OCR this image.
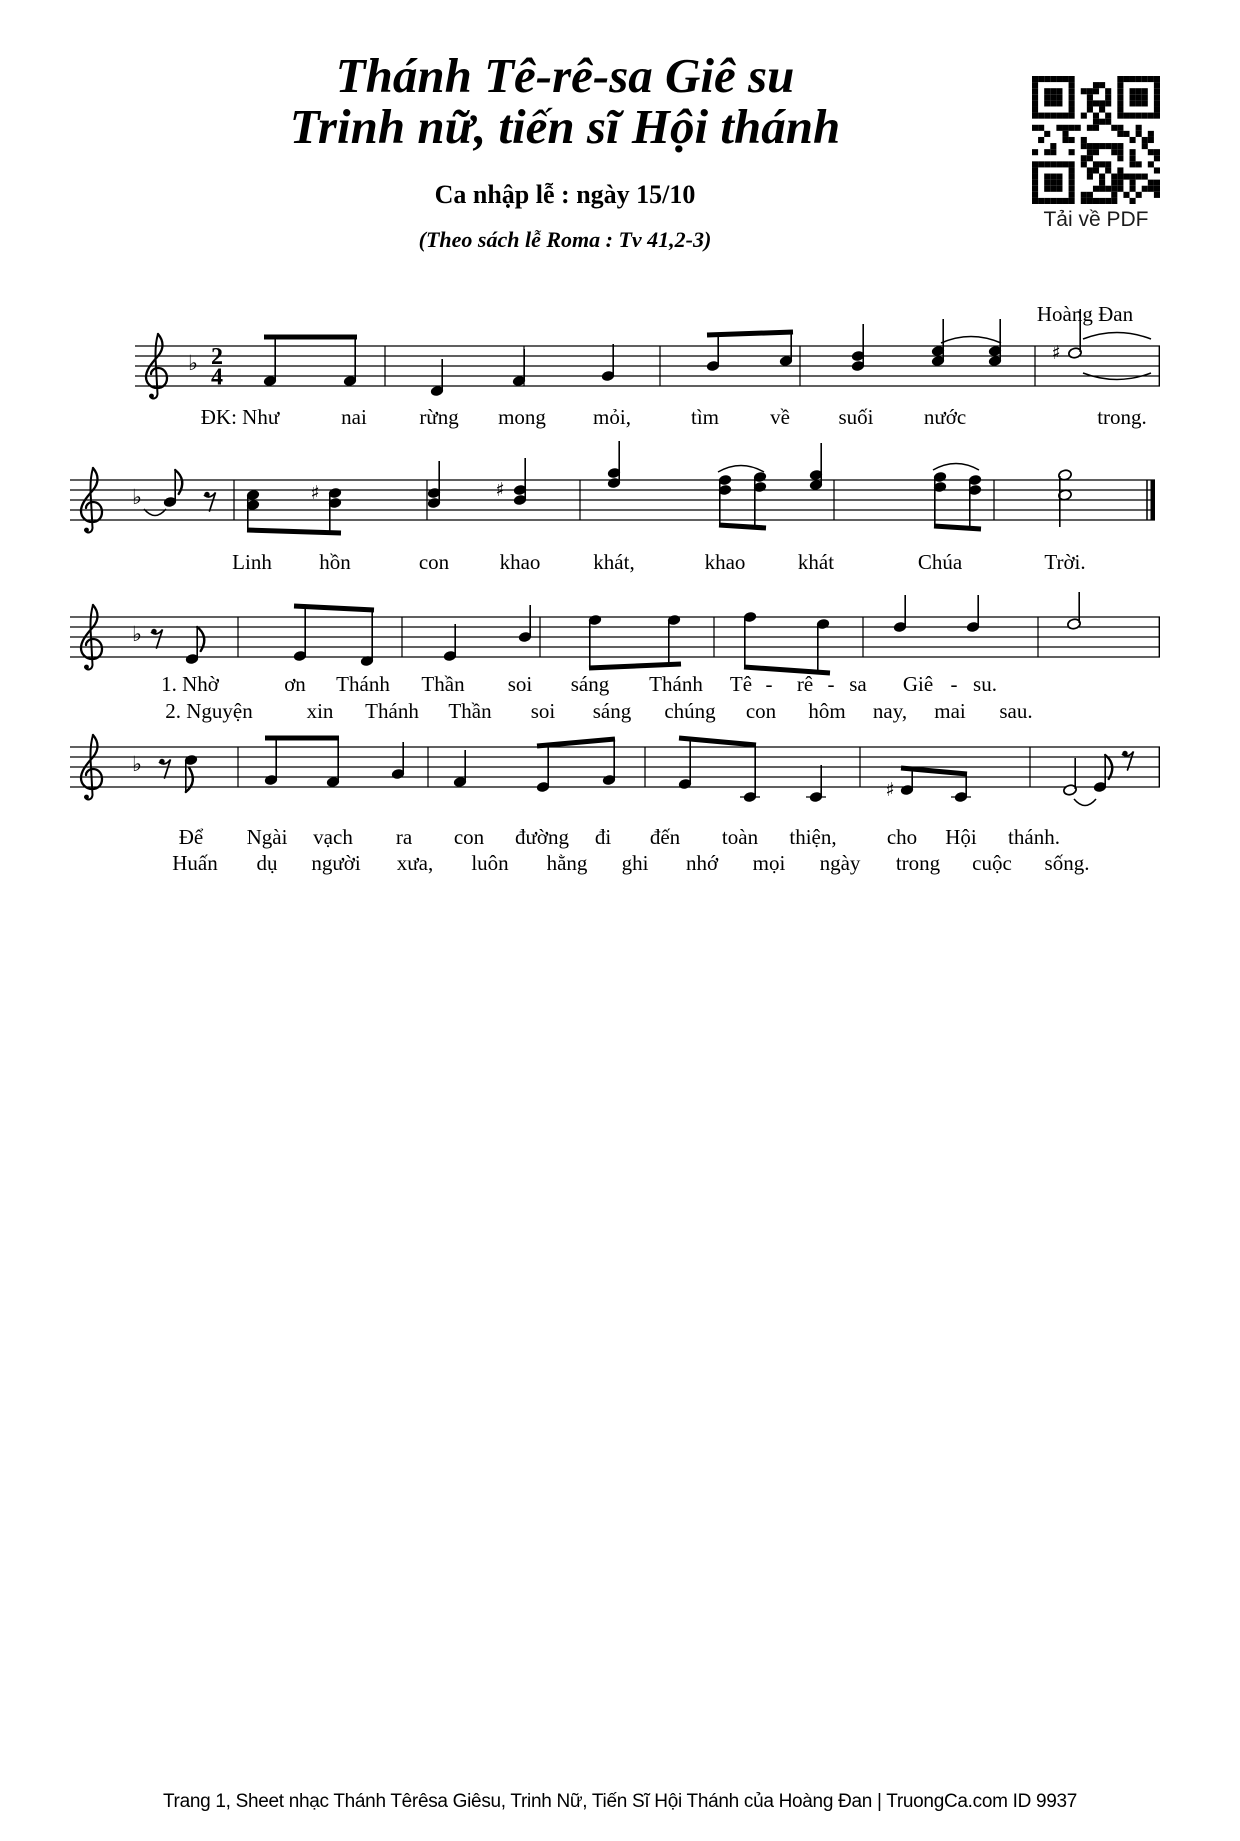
Thánh Tê-rê-sa Giê su
Trinh nữ, tiến sĩ Hội thánh
Ca nhập lễ : ngày 15/10
(Theo sách lễ Roma : Tv 41,2-3)
Hoàng Đan
Tải về PDF
♭ 2
4
♯
ĐK: Như	nai rừng mong mỏi,	tìm về suối nước	trong.
♭	♯	♯
Linh hồn	con khao	khát,	khao	khát	Chúa	Trời.
♭
1. Nhờ	ơn Thánh Thần soi sáng Thánh Tê - rê - sa Giê - su.
2. Nguyện	xin Thánh Thần soi sáng chúng con hôm nay, mai sau.
♭
♯
Để Ngài vạch ra con đường đi đến toàn thiện, cho Hội thánh.
Huấn dụ người xưa, luôn hằng ghi nhớ mọi ngày trong cuộc sống.
Trang 1, Sheet nhạc Thánh Têrêsa Giêsu, Trinh Nữ, Tiến Sĩ Hội Thánh của Hoàng Đan | TruongCa.com ID 9937
